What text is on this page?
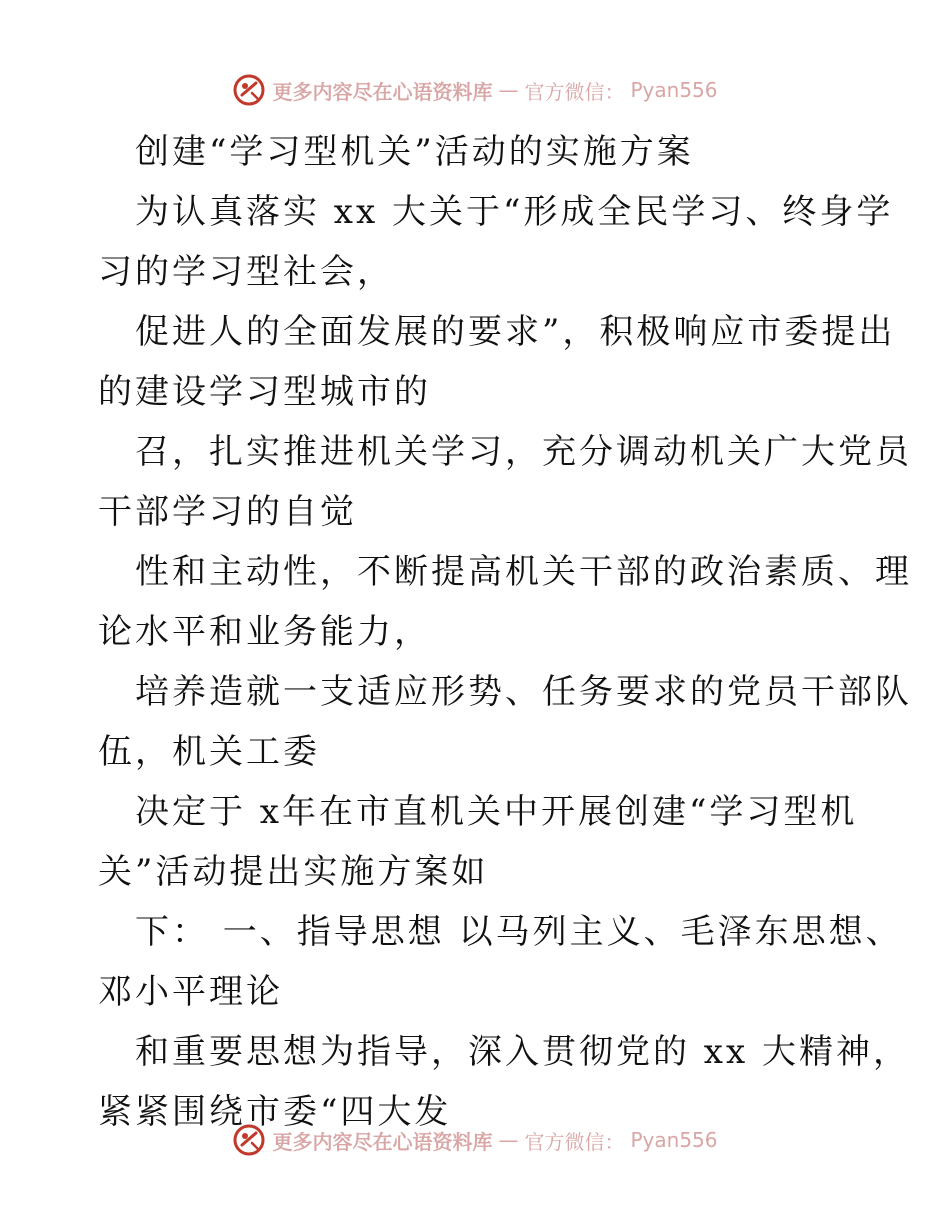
更多内容尽在心语资料库 — 官方微信： Pyan556
创建“学习型机关”活动的实施方案
为认真落实 xx 大关于“形成全民学习、终身学
习的学习型社会，
促进人的全面发展的要求”，积极响应市委提出
的建设学习型城市的
召，扎实推进机关学习，充分调动机关广大党员
干部学习的自觉
性和主动性，不断提高机关干部的政治素质、理
论水平和业务能力，
培养造就一支适应形势、任务要求的党员干部队
伍，机关工委
决定于 x年在市直机关中开展创建“学习型机
关”活动提出实施方案如
下： 一、指导思想 以马列主义、毛泽东思想、
邓小平理论
和重要思想为指导，深入贯彻党的 xx 大精神，
紧紧围绕市委“四大发
更多内容尽在心语资料库 — 官方微信： Pyan556
